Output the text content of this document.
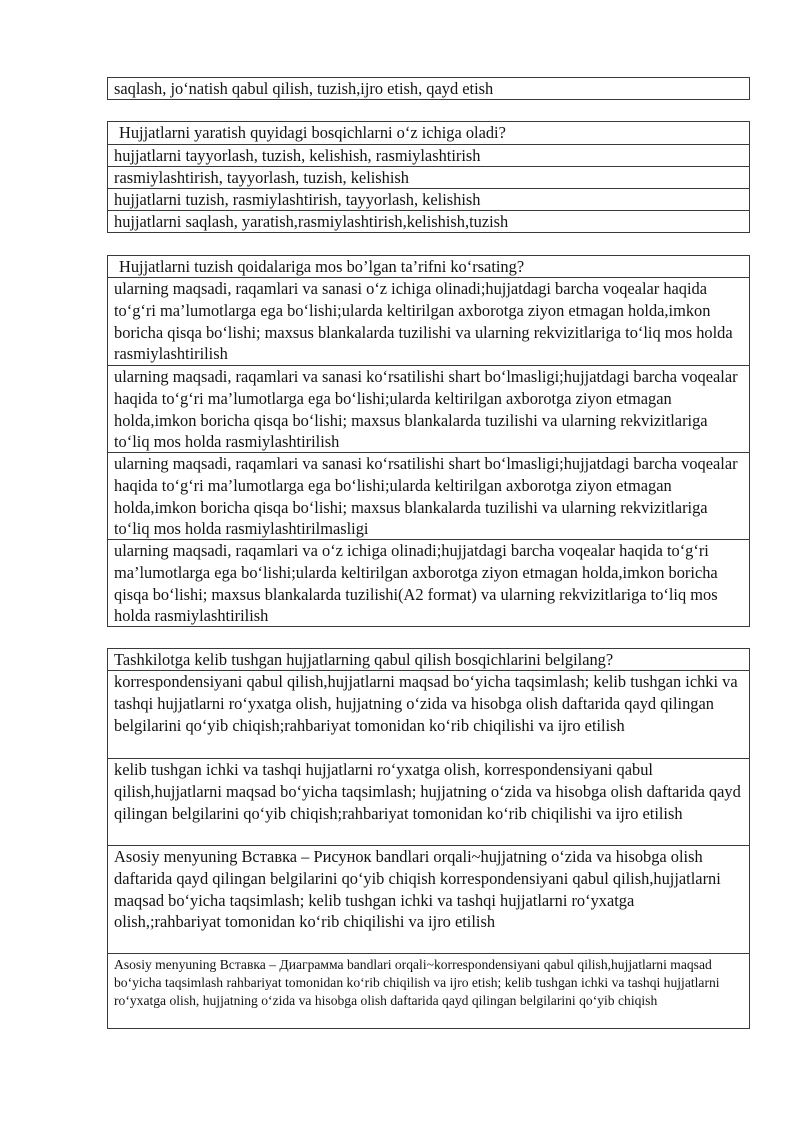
saqlash, jo‘natish qabul qilish, tuzish,ijro etish, qayd etish
Hujjatlarni yaratish quyidagi bosqichlarni o‘z ichiga oladi?
hujjatlarni tayyorlash, tuzish, kelishish, rasmiylashtirish
rasmiylashtirish, tayyorlash, tuzish, kelishish
hujjatlarni tuzish, rasmiylashtirish, tayyorlash, kelishish
hujjatlarni saqlash, yaratish,rasmiylashtirish,kelishish,tuzish
Hujjatlarni tuzish qoidalariga mos bo’lgan ta’rifni ko‘rsating?
ularning maqsadi, raqamlari va sanasi o‘z ichiga olinadi;hujjatdagi barcha voqealar haqida to‘g‘ri ma’lumotlarga ega bo‘lishi;ularda keltirilgan axborotga ziyon etmagan holda,imkon boricha qisqa bo‘lishi; maxsus blankalarda tuzilishi va ularning rekvizitlariga to‘liq mos holda rasmiylashtirilish
ularning maqsadi, raqamlari va sanasi ko‘rsatilishi shart bo‘lmasligi;hujjatdagi barcha voqealar haqida to‘g‘ri ma’lumotlarga ega bo‘lishi;ularda keltirilgan axborotga ziyon etmagan holda,imkon boricha qisqa bo‘lishi; maxsus blankalarda tuzilishi va ularning rekvizitlariga to‘liq mos holda rasmiylashtirilish
ularning maqsadi, raqamlari va sanasi ko‘rsatilishi shart bo‘lmasligi;hujjatdagi barcha voqealar haqida to‘g‘ri ma’lumotlarga ega bo‘lishi;ularda keltirilgan axborotga ziyon etmagan holda,imkon boricha qisqa bo‘lishi; maxsus blankalarda tuzilishi va ularning rekvizitlariga to‘liq mos holda rasmiylashtirilmasligi
ularning maqsadi, raqamlari va o‘z ichiga olinadi;hujjatdagi barcha voqealar haqida to‘g‘ri ma’lumotlarga ega bo‘lishi;ularda keltirilgan axborotga ziyon etmagan holda,imkon boricha qisqa bo‘lishi; maxsus blankalarda tuzilishi(A2 format) va ularning rekvizitlariga to‘liq mos holda rasmiylashtirilish
Tashkilotga kelib tushgan hujjatlarning qabul qilish bosqichlarini belgilang?
korrespondensiyani qabul qilish,hujjatlarni maqsad bo‘yicha taqsimlash; kelib tushgan ichki va tashqi hujjatlarni ro‘yxatga olish, hujjatning o‘zida va hisobga olish daftarida qayd qilingan belgilarini qo‘yib chiqish;rahbariyat tomonidan ko‘rib chiqilishi va ijro etilish
kelib tushgan ichki va tashqi hujjatlarni ro‘yxatga olish, korrespondensiyani qabul qilish,hujjatlarni maqsad bo‘yicha taqsimlash; hujjatning o‘zida va hisobga olish daftarida qayd qilingan belgilarini qo‘yib chiqish;rahbariyat tomonidan ko‘rib chiqilishi va ijro etilish
Asosiy menyuning Вставка – Рисунок bandlari orqali~hujjatning o‘zida va hisobga olish daftarida qayd qilingan belgilarini qo‘yib chiqish korrespondensiyani qabul qilish,hujjatlarni maqsad bo‘yicha taqsimlash; kelib tushgan ichki va tashqi hujjatlarni ro‘yxatga olish,;rahbariyat tomonidan ko‘rib chiqilishi va ijro etilish
Asosiy menyuning Вставка – Диаграмма bandlari orqali~korrespondensiyani qabul qilish,hujjatlarni maqsad bo‘yicha taqsimlash rahbariyat tomonidan ko‘rib chiqilish va ijro etish; kelib tushgan ichki va tashqi hujjatlarni ro‘yxatga olish, hujjatning o‘zida va hisobga olish daftarida qayd qilingan belgilarini qo‘yib chiqish
